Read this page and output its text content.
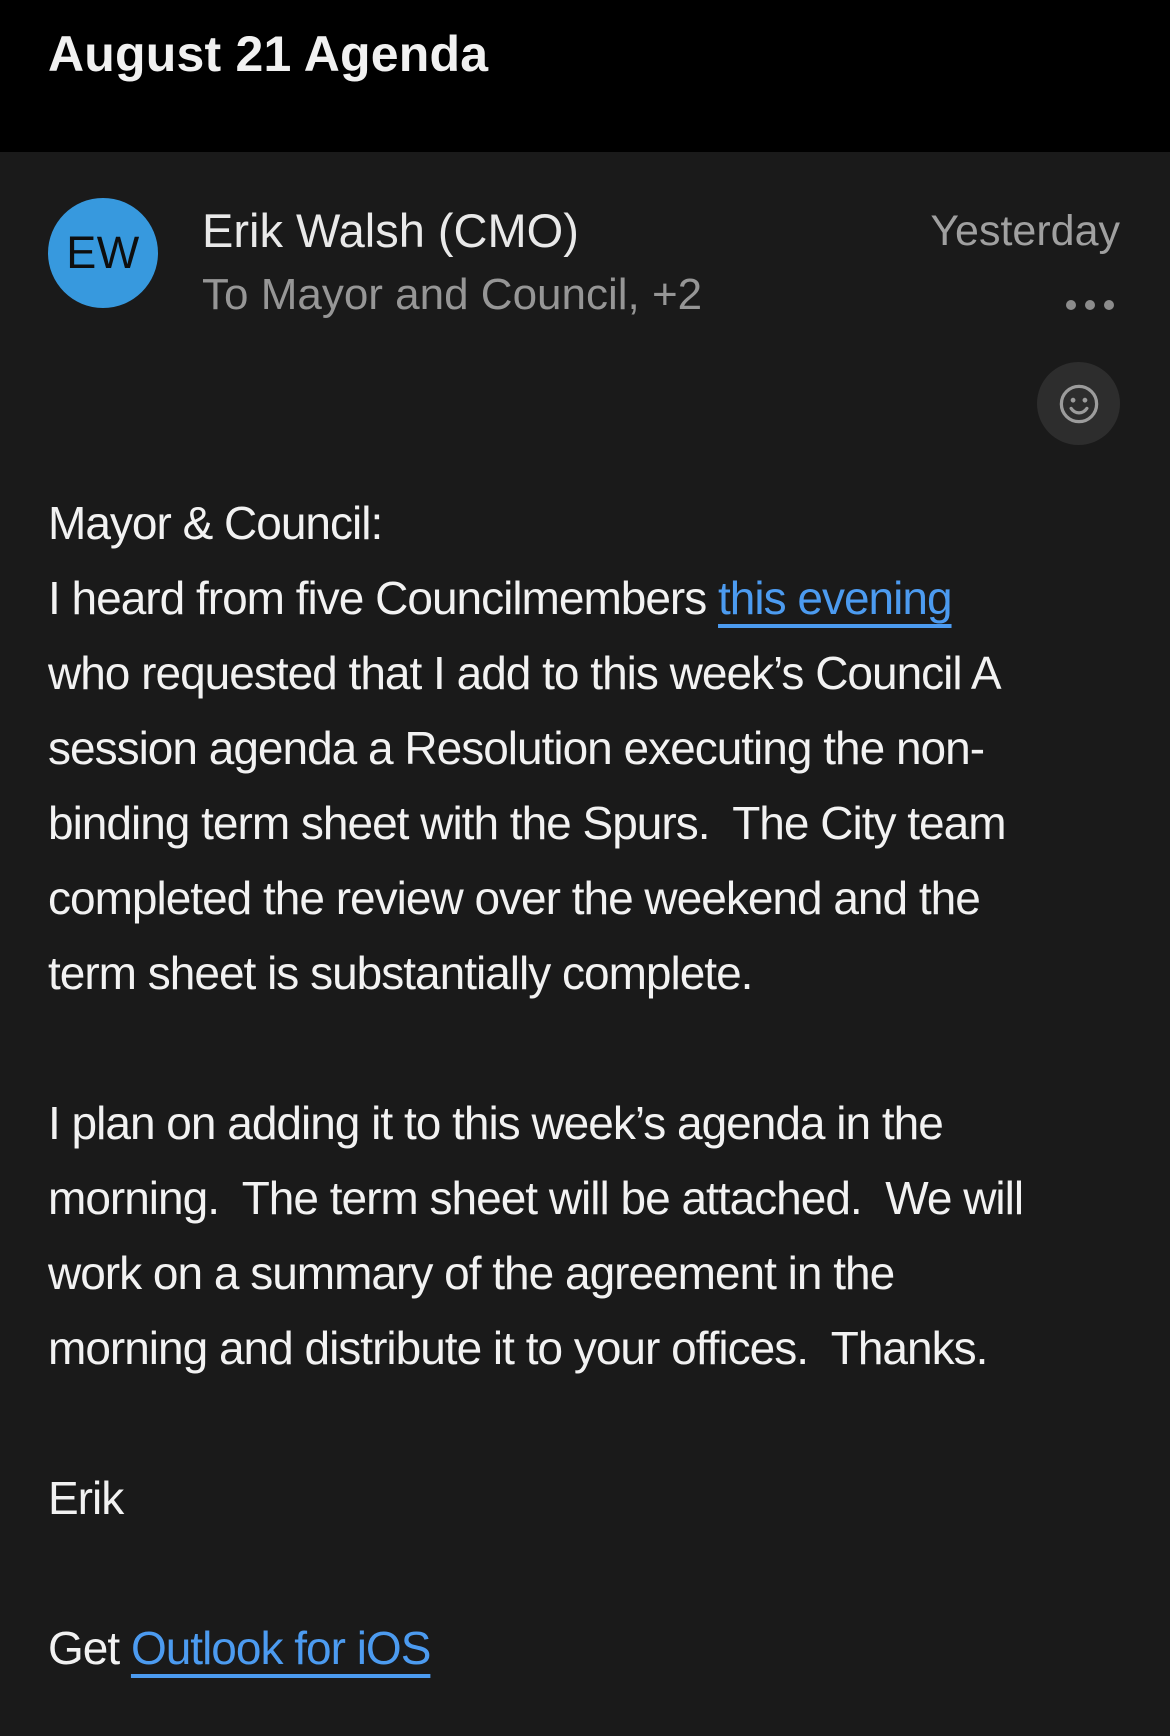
August 21 Agenda
EW Erik Walsh (CMO)
To Mayor and Council, +2
Yesterday
Mayor & Council:
I heard from five Councilmembers this evening
who requested that I add to this week’s Council A
session agenda a Resolution executing the non-
binding term sheet with the Spurs.  The City team
completed the review over the weekend and the
term sheet is substantially complete.
I plan on adding it to this week’s agenda in the
morning.  The term sheet will be attached.  We will
work on a summary of the agreement in the
morning and distribute it to your offices.  Thanks.
Erik
Get Outlook for iOS
